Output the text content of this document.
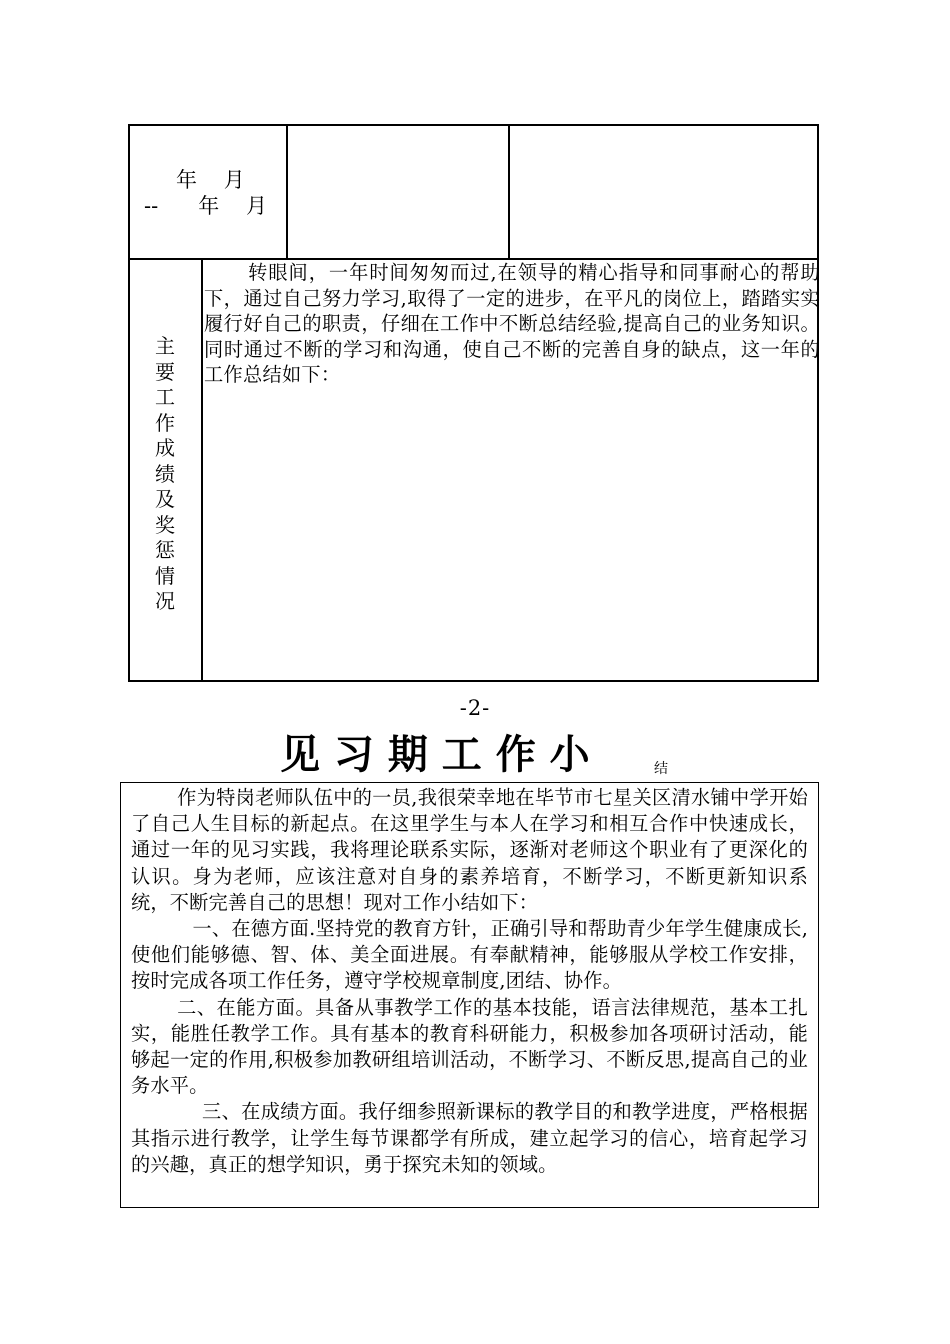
年    月
--      年    月
主
要
工
作
成
绩
及
奖
惩
情
况
转眼间，一年时间匆匆而过,在领导的精心指导和同事耐心的帮助下，通过自己努力学习,取得了一定的进步，在平凡的岗位上，踏踏实实履行好自己的职责，仔细在工作中不断总结经验,提高自己的业务知识。同时通过不断的学习和沟通，使自己不断的完善自身的缺点，这一年的工作总结如下：
-2-
见 习 期 工 作 小	结

作为特岗老师队伍中的一员,我很荣幸地在毕节市七星关区清水铺中学开始了自己人生目标的新起点。在这里学生与本人在学习和相互合作中快速成长，通过一年的见习实践，我将理论联系实际，逐渐对老师这个职业有了更深化的认识。身为老师，应该注意对自身的素养培育，不断学习，不断更新知识系统，不断完善自己的思想！现对工作小结如下：

一、在德方面.坚持党的教育方针，正确引导和帮助青少年学生健康成长,使他们能够德、智、体、美全面进展。有奉献精神，能够服从学校工作安排，按时完成各项工作任务，遵守学校规章制度,团结、协作。

二、在能方面。具备从事教学工作的基本技能，语言法律规范，基本工扎实，能胜任教学工作。具有基本的教育科研能力，积极参加各项研讨活动，能够起一定的作用,积极参加教研组培训活动，不断学习、不断反思,提高自己的业务水平。

三、在成绩方面。我仔细参照新课标的教学目的和教学进度，严格根据其指示进行教学，让学生每节课都学有所成，建立起学习的信心，培育起学习的兴趣，真正的想学知识，勇于探究未知的领域。
